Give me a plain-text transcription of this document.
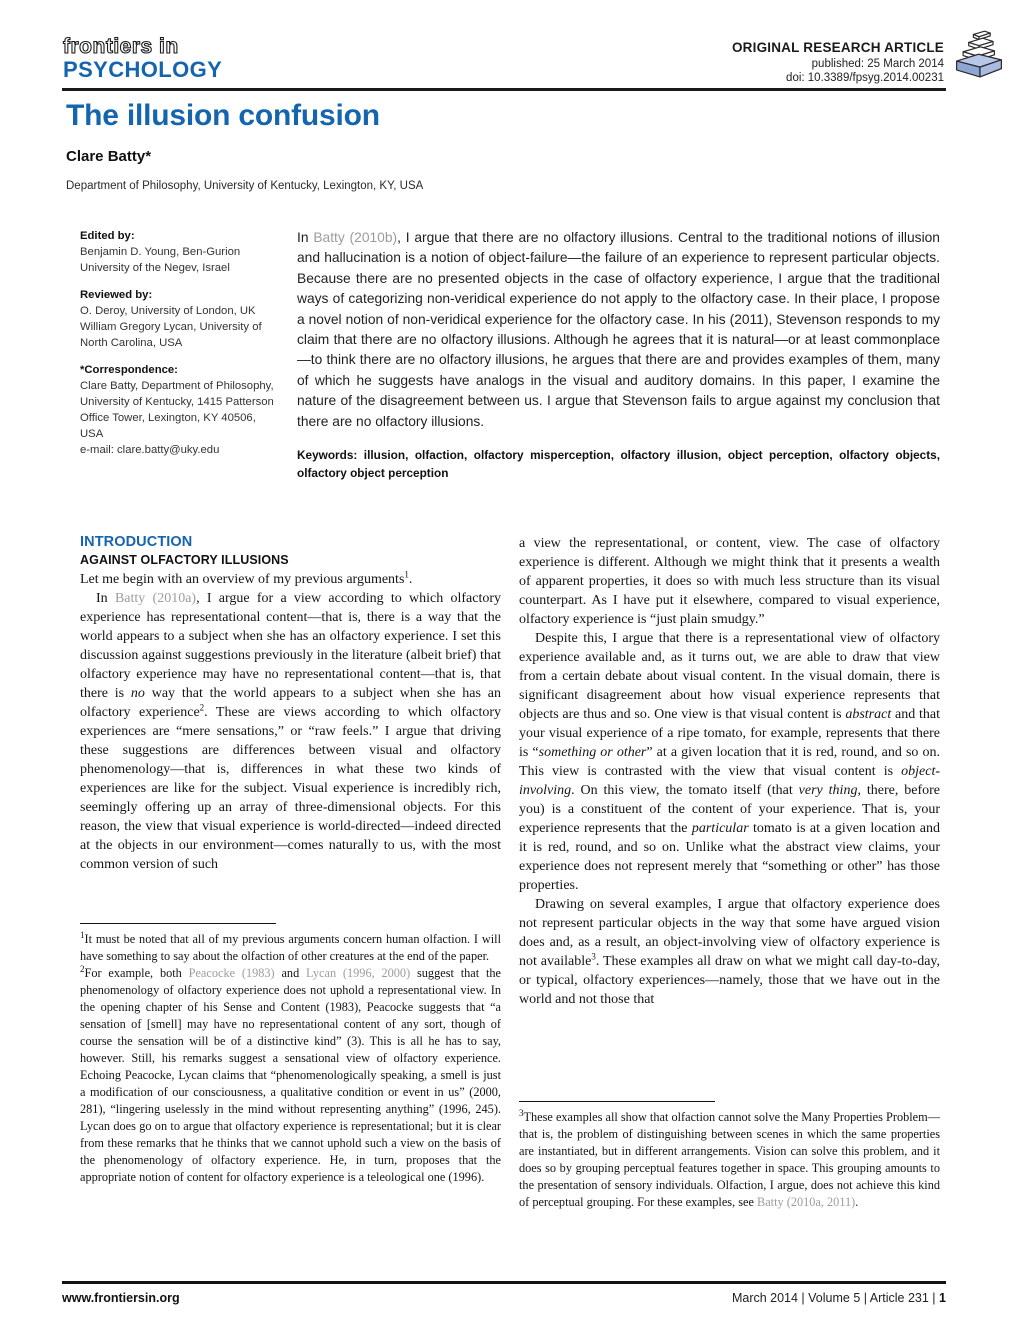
frontiers in
PSYCHOLOGY
ORIGINAL RESEARCH ARTICLE
published: 25 March 2014
doi: 10.3389/fpsyg.2014.00231
The illusion confusion
Clare Batty*
Department of Philosophy, University of Kentucky, Lexington, KY, USA
Edited by:
Benjamin D. Young, Ben-Gurion University of the Negev, Israel
Reviewed by:
O. Deroy, University of London, UK
William Gregory Lycan, University of North Carolina, USA
*Correspondence:
Clare Batty, Department of Philosophy, University of Kentucky, 1415 Patterson Office Tower, Lexington, KY 40506, USA
e-mail: clare.batty@uky.edu
In Batty (2010b), I argue that there are no olfactory illusions. Central to the traditional notions of illusion and hallucination is a notion of object-failure—the failure of an experience to represent particular objects. Because there are no presented objects in the case of olfactory experience, I argue that the traditional ways of categorizing non-veridical experience do not apply to the olfactory case. In their place, I propose a novel notion of non-veridical experience for the olfactory case. In his (2011), Stevenson responds to my claim that there are no olfactory illusions. Although he agrees that it is natural—or at least commonplace—to think there are no olfactory illusions, he argues that there are and provides examples of them, many of which he suggests have analogs in the visual and auditory domains. In this paper, I examine the nature of the disagreement between us. I argue that Stevenson fails to argue against my conclusion that there are no olfactory illusions.
Keywords: illusion, olfaction, olfactory misperception, olfactory illusion, object perception, olfactory objects, olfactory object perception
INTRODUCTION
AGAINST OLFACTORY ILLUSIONS

Let me begin with an overview of my previous arguments$^1$.

In Batty (2010a), I argue for a view according to which olfactory experience has representational content—that is, there is a way that the world appears to a subject when she has an olfactory experience. I set this discussion against suggestions previously in the literature (albeit brief) that olfactory experience may have no representational content—that is, that there is no way that the world appears to a subject when she has an olfactory experience$^2$. These are views according to which olfactory experiences are “mere sensations,” or “raw feels.” I argue that driving these suggestions are differences between visual and olfactory phenomenology—that is, differences in what these two kinds of experiences are like for the subject. Visual experience is incredibly rich, seemingly offering up an array of three-dimensional objects. For this reason, the view that visual experience is world-directed—indeed directed at the objects in our environment—comes naturally to us, with the most common version of such

$^1$It must be noted that all of my previous arguments concern human olfaction. I will have something to say about the olfaction of other creatures at the end of the paper.

$^2$For example, both Peacocke (1983) and Lycan (1996, 2000) suggest that the phenomenology of olfactory experience does not uphold a representational view. In the opening chapter of his Sense and Content (1983), Peacocke suggests that “a sensation of [smell] may have no representational content of any sort, though of course the sensation will be of a distinctive kind” (3). This is all he has to say, however. Still, his remarks suggest a sensational view of olfactory experience. Echoing Peacocke, Lycan claims that “phenomenologically speaking, a smell is just a modification of our consciousness, a qualitative condition or event in us” (2000, 281), “lingering uselessly in the mind without representing anything” (1996, 245). Lycan does go on to argue that olfactory experience is representational; but it is clear from these remarks that he thinks that we cannot uphold such a view on the basis of the phenomenology of olfactory experience. He, in turn, proposes that the appropriate notion of content for olfactory experience is a teleological one (1996).

a view the representational, or content, view. The case of olfactory experience is different. Although we might think that it presents a wealth of apparent properties, it does so with much less structure than its visual counterpart. As I have put it elsewhere, compared to visual experience, olfactory experience is “just plain smudgy.”

Despite this, I argue that there is a representational view of olfactory experience available and, as it turns out, we are able to draw that view from a certain debate about visual content. In the visual domain, there is significant disagreement about how visual experience represents that objects are thus and so. One view is that visual content is abstract and that your visual experience of a ripe tomato, for example, represents that there is “something or other” at a given location that it is red, round, and so on. This view is contrasted with the view that visual content is object-involving. On this view, the tomato itself (that very thing, there, before you) is a constituent of the content of your experience. That is, your experience represents that the particular tomato is at a given location and it is red, round, and so on. Unlike what the abstract view claims, your experience does not represent merely that “something or other” has those properties.

Drawing on several examples, I argue that olfactory experience does not represent particular objects in the way that some have argued vision does and, as a result, an object-involving view of olfactory experience is not available$^3$. These examples all draw on what we might call day-to-day, or typical, olfactory experiences—namely, those that we have out in the world and not those that

$^3$These examples all show that olfaction cannot solve the Many Properties Problem—that is, the problem of distinguishing between scenes in which the same properties are instantiated, but in different arrangements. Vision can solve this problem, and it does so by grouping perceptual features together in space. This grouping amounts to the presentation of sensory individuals. Olfaction, I argue, does not achieve this kind of perceptual grouping. For these examples, see Batty (2010a, 2011).

www.frontiersin.org	March 2014 | Volume 5 | Article 231 | 1
